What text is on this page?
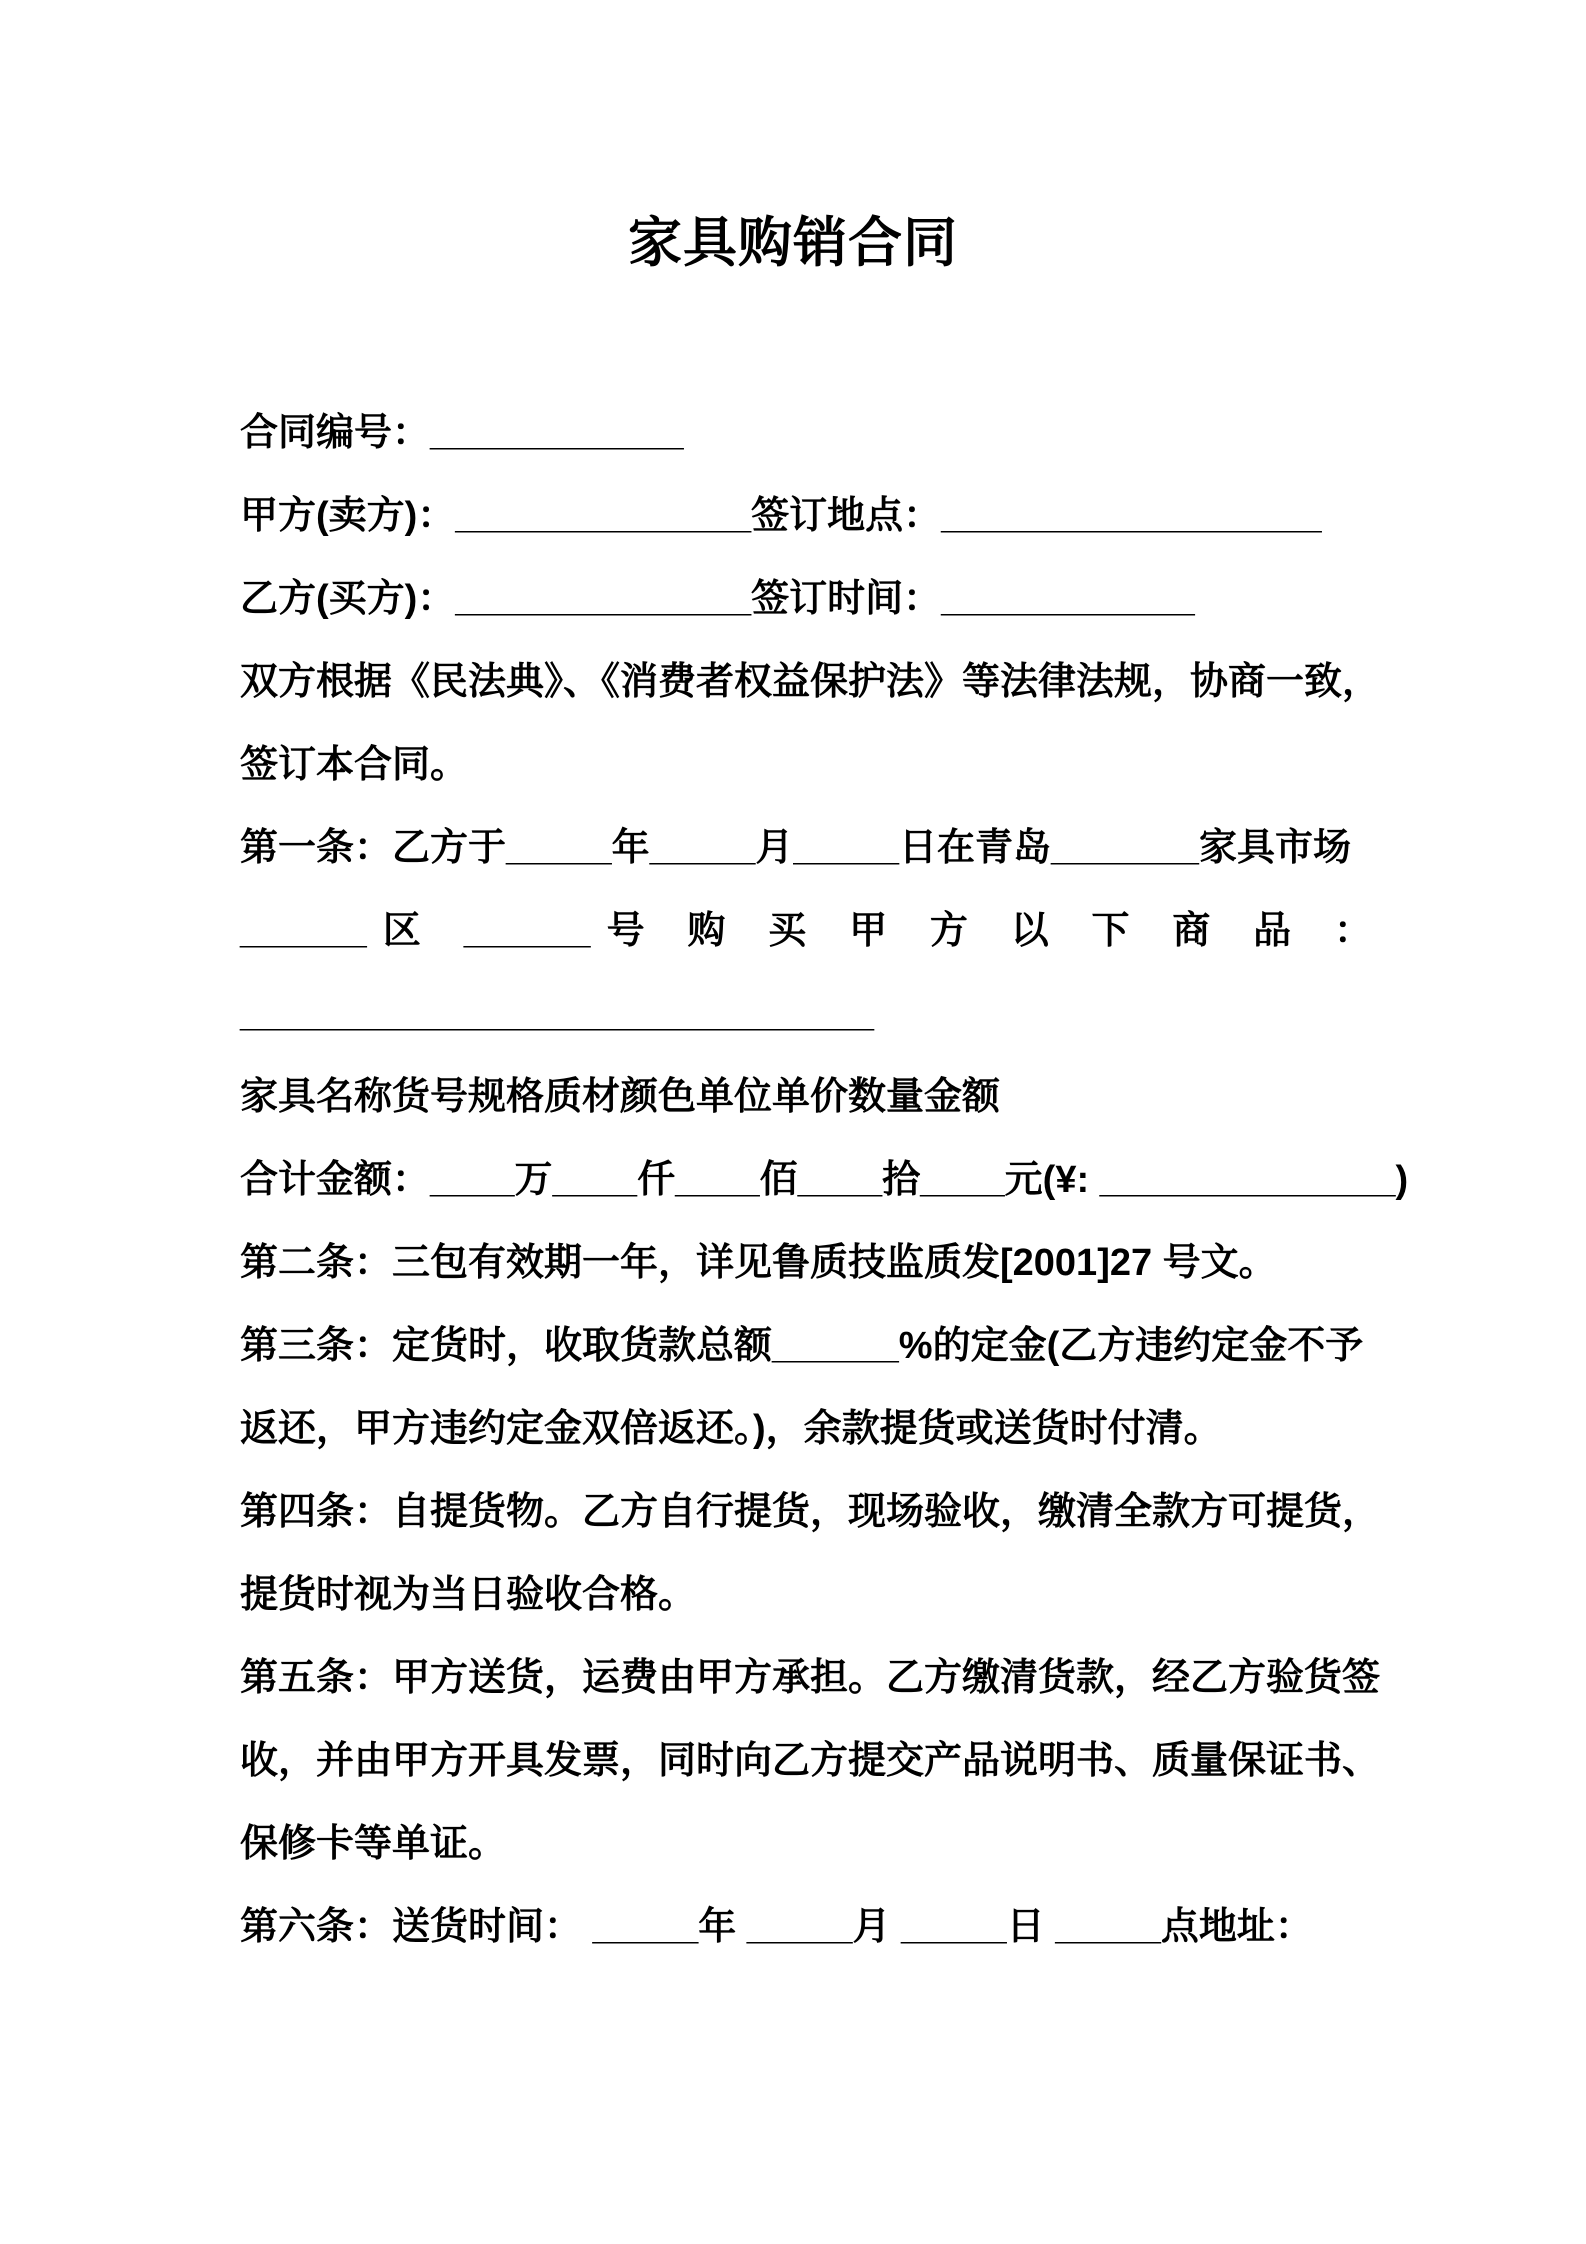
家具购销合同
合同编号：____________
甲方(卖方)：______________签订地点：__________________
乙方(买方)：______________签订时间：____________
双方根据《民法典》、《消费者权益保护法》等法律法规，协商一致，
签订本合同。
第一条：乙方于_____年_____月_____日在青岛_______家具市场
______区 ______号 购 买 甲 方 以 下 商 品 ：
______________________________
家具名称货号规格质材颜色单位单价数量金额
合计金额：____万____仟____佰____拾____元(¥: ______________)
第二条：三包有效期一年，详见鲁质技监质发[2001]27 号文。
第三条：定货时，收取货款总额______%的定金(乙方违约定金不予
返还，甲方违约定金双倍返还。)，余款提货或送货时付清。
第四条：自提货物。乙方自行提货，现场验收，缴清全款方可提货，
提货时视为当日验收合格。
第五条：甲方送货，运费由甲方承担。乙方缴清货款，经乙方验货签
收，并由甲方开具发票，同时向乙方提交产品说明书、质量保证书、
保修卡等单证。
第六条：送货时间： _____年 _____月 _____日 _____点地址：
